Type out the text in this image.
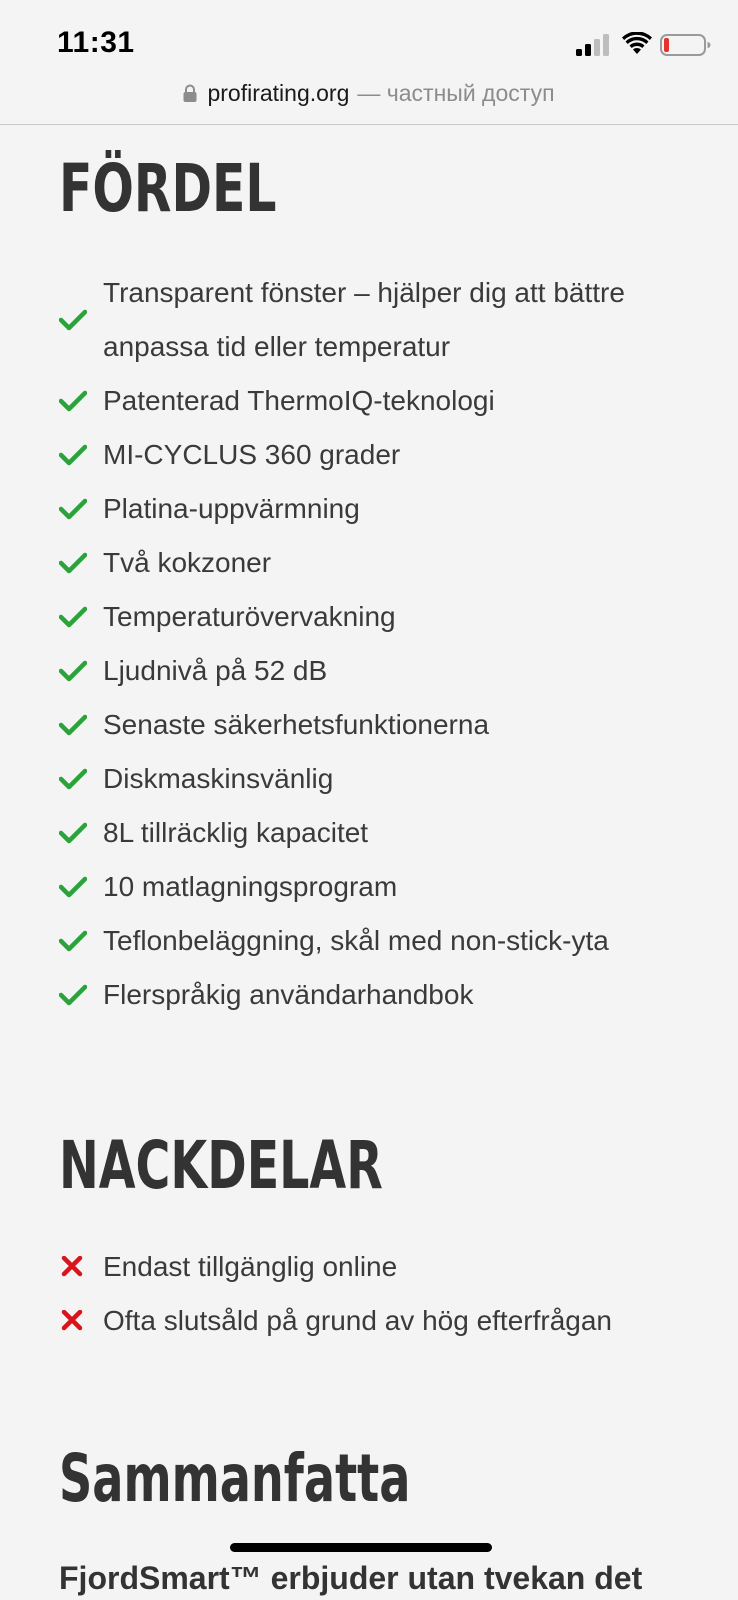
11:31
profirating.org — частный доступ
FÖRDEL
Transparent fönster – hjälper dig att bättre anpassa tid eller temperatur
Patenterad ThermoIQ-teknologi
MI-CYCLUS 360 grader
Platina-uppvärmning
Två kokzoner
Temperaturövervakning
Ljudnivå på 52 dB
Senaste säkerhetsfunktionerna
Diskmaskinsvänlig
8L tillräcklig kapacitet
10 matlagningsprogram
Teflonbeläggning, skål med non-stick-yta
Flerspråkig användarhandbok
NACKDELAR
Endast tillgänglig online
Ofta slutsåld på grund av hög efterfrågan
Sammanfatta

FjordSmart™ erbjuder utan tvekan det
